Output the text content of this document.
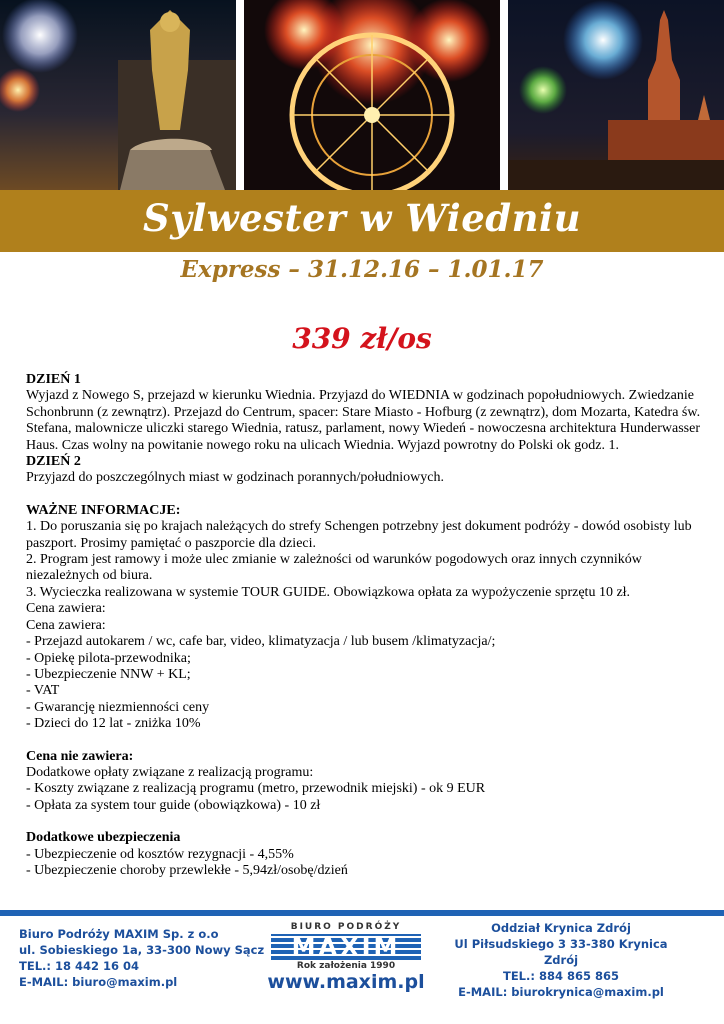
Sylwester w Wiedniu
Express – 31.12.16 – 1.01.17
339 zł/os

DZIEŃ 1

Wyjazd z Nowego S, przejazd w kierunku Wiednia. Przyjazd do WIEDNIA w godzinach popołudniowych. Zwiedzanie Schonbrunn (z zewnątrz). Przejazd do Centrum, spacer: Stare Miasto - Hofburg (z zewnątrz), dom Mozarta, Katedra św. Stefana, malownicze uliczki starego Wiednia, ratusz, parlament, nowy Wiedeń - nowoczesna architektura Hunderwasser Haus. Czas wolny na powitanie nowego roku na ulicach Wiednia. Wyjazd powrotny do Polski ok godz. 1.

DZIEŃ 2

Przyjazd do poszczególnych miast w godzinach porannych/południowych.

WAŻNE INFORMACJE:

1. Do poruszania się po krajach należących do strefy Schengen potrzebny jest dokument podróży - dowód osobisty lub paszport. Prosimy pamiętać o paszporcie dla dzieci.

2. Program jest ramowy i może ulec zmianie w zależności od warunków pogodowych oraz innych czynników niezależnych od biura.

3. Wycieczka realizowana w systemie TOUR GUIDE. Obowiązkowa opłata za wypożyczenie sprzętu 10 zł.

Cena zawiera:

Cena zawiera:

- Przejazd autokarem / wc, cafe bar, video, klimatyzacja / lub busem /klimatyzacja/;
- Opiekę pilota-przewodnika;
- Ubezpieczenie NNW + KL;
- VAT
- Gwarancję niezmienności ceny
- Dzieci do 12 lat - zniżka 10%

Cena nie zawiera:

Dodatkowe opłaty związane z realizacją programu:

- Koszty związane z realizacją programu (metro, przewodnik miejski) - ok 9 EUR
- Opłata za system tour guide (obowiązkowa) - 10 zł

Dodatkowe ubezpieczenia

- Ubezpieczenie od kosztów rezygnacji - 4,55%
- Ubezpieczenie choroby przewlekłe - 5,94zł/osobę/dzień
Biuro Podróży MAXIM Sp. z o.o
ul. Sobieskiego 1a, 33-300 Nowy Sącz
TEL.: 18 442 16 04
E-MAIL: biuro@maxim.pl
BIURO PODRÓŻY
MAXIM
Rok założenia 1990
www.maxim.pl
Oddział Krynica Zdrój
Ul Piłsudskiego 3 33-380 Krynica Zdrój
TEL.: 884 865 865
E-MAIL: biurokrynica@maxim.pl
